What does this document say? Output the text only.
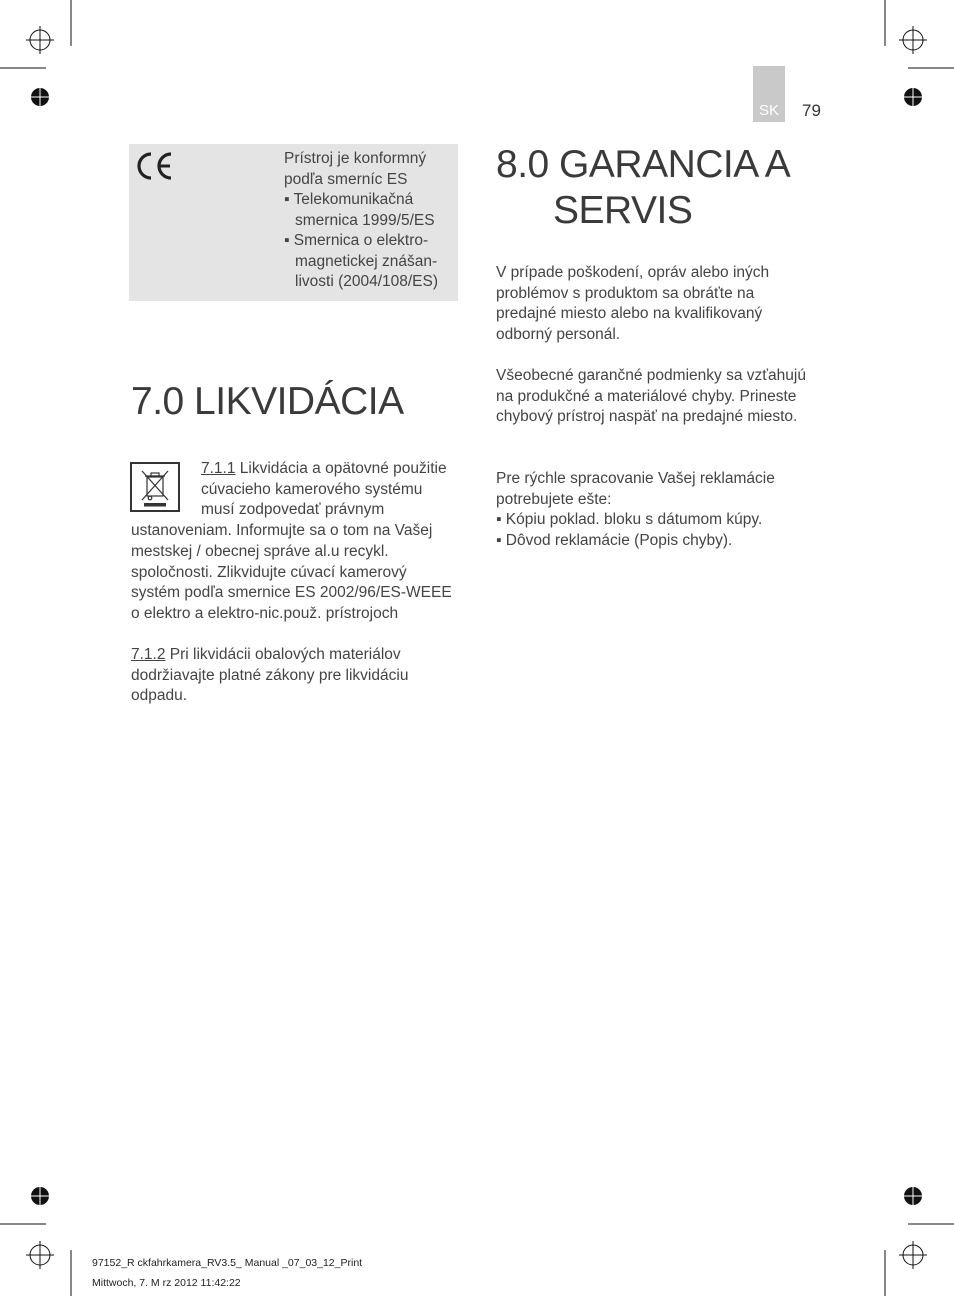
SK 79
Prístroj je konformný podľa smerníc ES
▪ Telekomunikačná smernica 1999/5/ES
▪ Smernica o elektro-magnetickej znášan-livosti (2004/108/ES)
7.0 LIKVIDÁCIA
7.1.1 Likvidácia a opätovné použitie cúvacieho kamerového systému musí zodpovedať právnym ustanoveniam. Informujte sa o tom na Vašej mestskej / obecnej správe al.u recykl. spoločnosti. Zlikvidujte cúvací kamerový systém podľa smernice ES 2002/96/ES-WEEE o elektro a elektro-nic.použ. prístrojoch
7.1.2 Pri likvidácii obalových materiálov dodržiavajte platné zákony pre likvidáciu odpadu.
8.0 GARANCIA A
SERVIS
V prípade poškodení, opráv alebo iných problémov s produktom sa obráťte na predajné miesto alebo na kvalifikovaný odborný personál.
Všeobecné garančné podmienky sa vzťahujú na produkčné a materiálové chyby. Prineste chybový prístroj naspäť na predajné miesto.
Pre rýchle spracovanie Vašej reklamácie potrebujete ešte:
▪ Kópiu poklad. bloku s dátumom kúpy.
▪ Dôvod reklamácie (Popis chyby).
97152_R ckfahrkamera_RV3.5_ Manual _07_03_12_Print
Mittwoch, 7. M rz 2012 11:42:22
